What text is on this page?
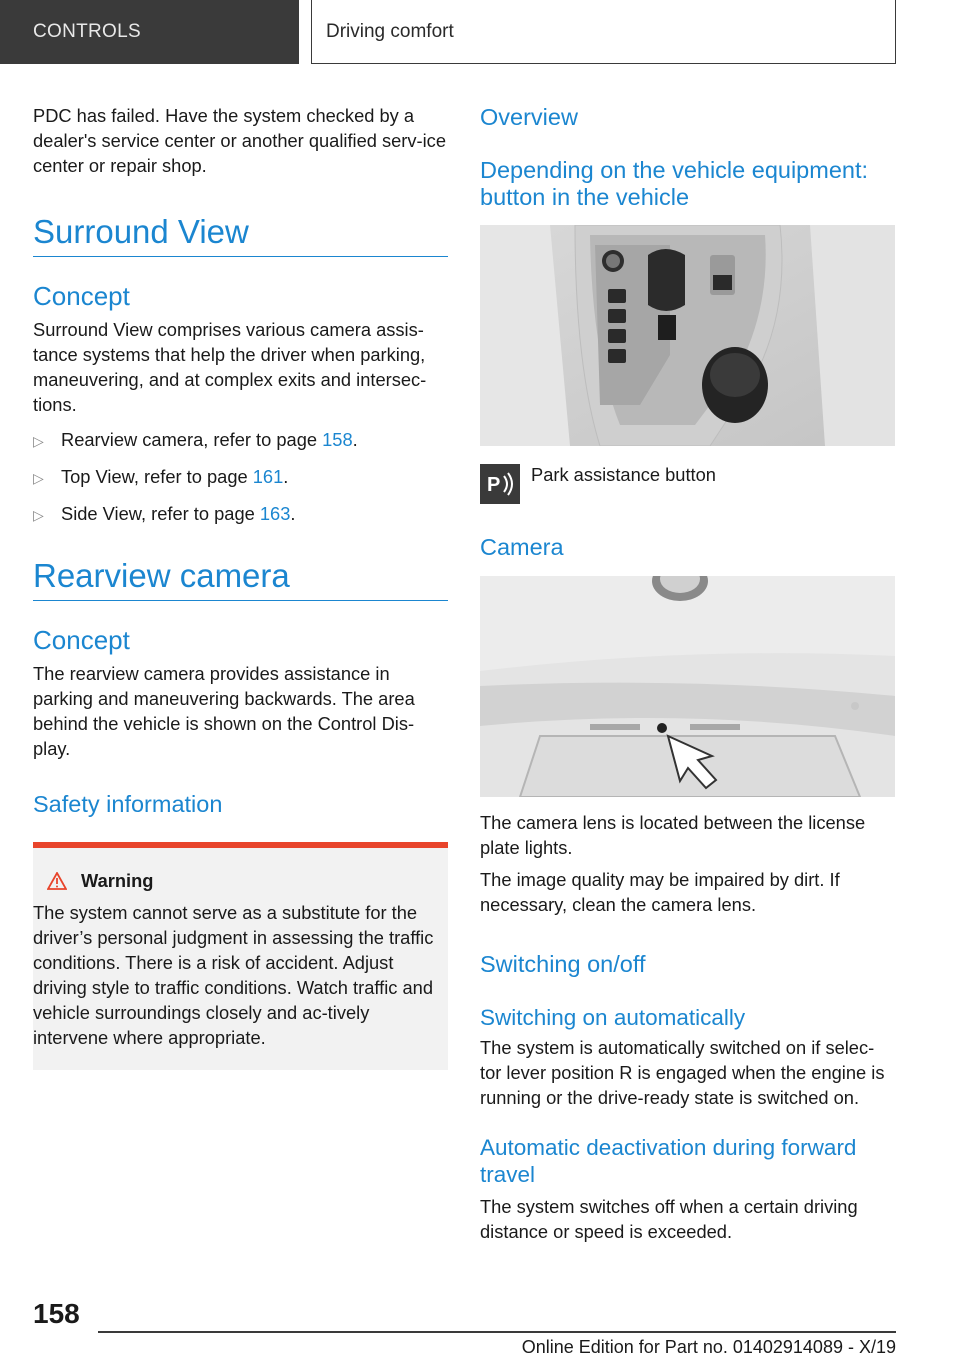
CONTROLS	Driving comfort

PDC has failed. Have the system checked by a dealer's service center or another qualified serv-ice center or repair shop.

Surround View
Concept

Surround View comprises various camera assis-tance systems that help the driver when parking, maneuvering, and at complex exits and intersec-tions.

▷ Rearview camera, refer to page 158.
▷ Top View, refer to page 161.
▷ Side View, refer to page 163.
Rearview camera
Concept

The rearview camera provides assistance in parking and maneuvering backwards. The area behind the vehicle is shown on the Control Dis-play.

Safety information
Warning

The system cannot serve as a substitute for the driver’s personal judgment in assessing the traffic conditions. There is a risk of accident. Adjust driving style to traffic conditions. Watch traffic and vehicle surroundings closely and ac-tively intervene where appropriate.

Overview
Depending on the vehicle equipment: button in the vehicle
P Park assistance button

Camera

The camera lens is located between the license plate lights.

The image quality may be impaired by dirt. If necessary, clean the camera lens.

Switching on/off
Switching on automatically

The system is automatically switched on if selec-tor lever position R is engaged when the engine is running or the drive-ready state is switched on.

Automatic deactivation during forward travel

The system switches off when a certain driving distance or speed is exceeded.

158
Online Edition for Part no. 01402914089 - X/19
